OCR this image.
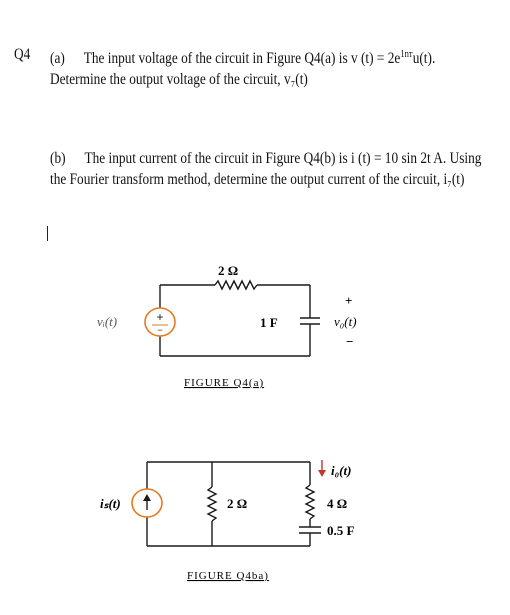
Q4 (a) The input voltage of the circuit in Figure Q4(a) is v $(t) = 2e^{1nт}u(t)$.
Determine the output voltage of the circuit, v₇(t)
(b) The input current of the circuit in Figure Q4(b) is i (t) = 10 sin 2t A. Using
the Fourier transform method, determine the output current of the circuit, i₇(t)
+
−
2 Ω
1 F
vᵢ(t)
+
v₀(t)
−
FIGURE Q4(a)
i₀(t)
iₛ(t)	2 Ω	4 Ω
0.5 F
FIGURE Q4ba)
